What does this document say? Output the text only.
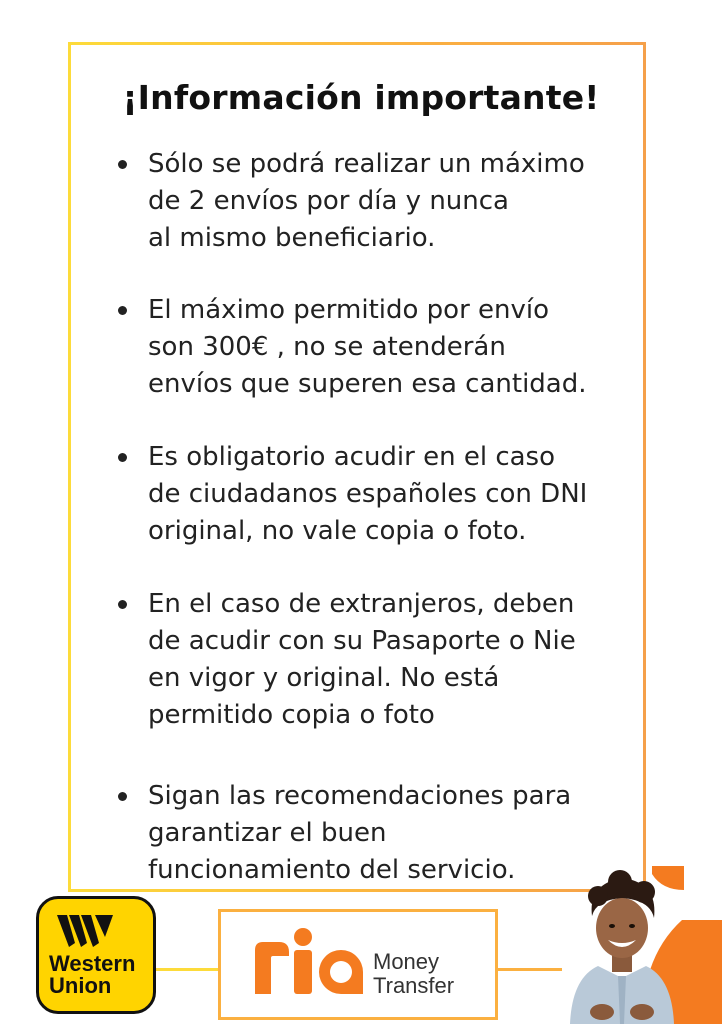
¡Información importante!
Sólo se podrá realizar un máximo
de 2 envíos por día y nunca
al mismo beneficiario.
El máximo permitido por envío
son 300€ , no se atenderán
envíos que superen esa cantidad.
Es obligatorio acudir en el caso
de ciudadanos españoles con DNI
original, no vale copia o foto.
En el caso de extranjeros, deben
de acudir con su Pasaporte o Nie
en vigor y original. No está
permitido copia o foto
Sigan las recomendaciones para
garantizar el buen
funcionamiento del servicio.
Western Union
Money Transfer
